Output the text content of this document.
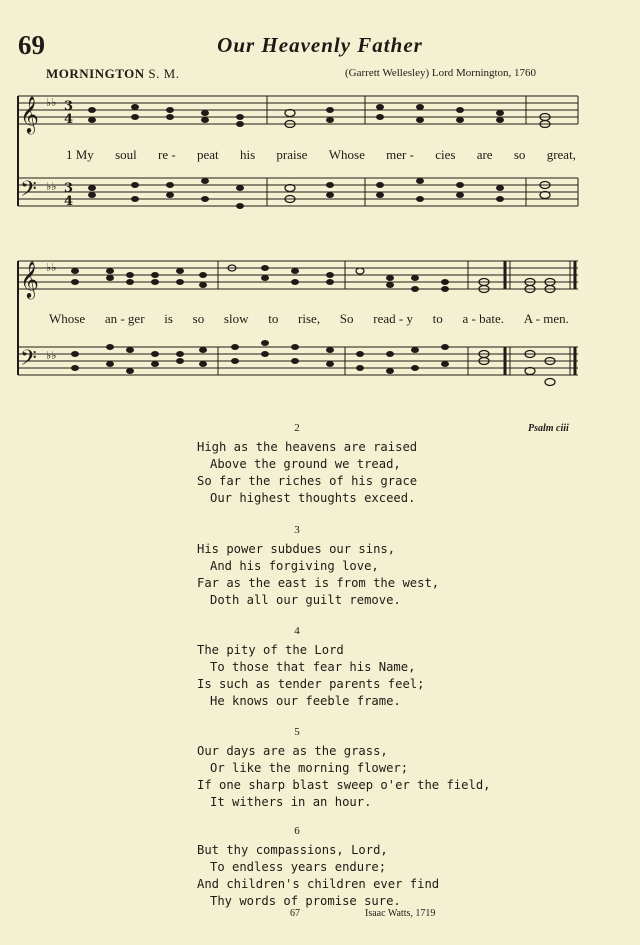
69	Our Heavenly Father
MORNINGTON S. M.	(Garrett Wellesley) Lord Mornington, 1760
𝄞
𝄢
♭♭
♭♭
3
4
3
4
1 My soul re - peat his praise Whose mer - cies are so great,
𝄞
𝄢
♭♭
♭♭
Whose an - ger is so slow to rise, So read - y to a - bate. A - men.
Psalm ciii
2
High as the heavens are raised
Above the ground we tread,
So far the riches of his grace
Our highest thoughts exceed.
3
His power subdues our sins,
And his forgiving love,
Far as the east is from the west,
Doth all our guilt remove.
4
The pity of the Lord
To those that fear his Name,
Is such as tender parents feel;
He knows our feeble frame.
5
Our days are as the grass,
Or like the morning flower;
If one sharp blast sweep o'er the field,
It withers in an hour.
6
But thy compassions, Lord,
To endless years endure;
And children's children ever find
Thy words of promise sure.
67	Isaac Watts, 1719
